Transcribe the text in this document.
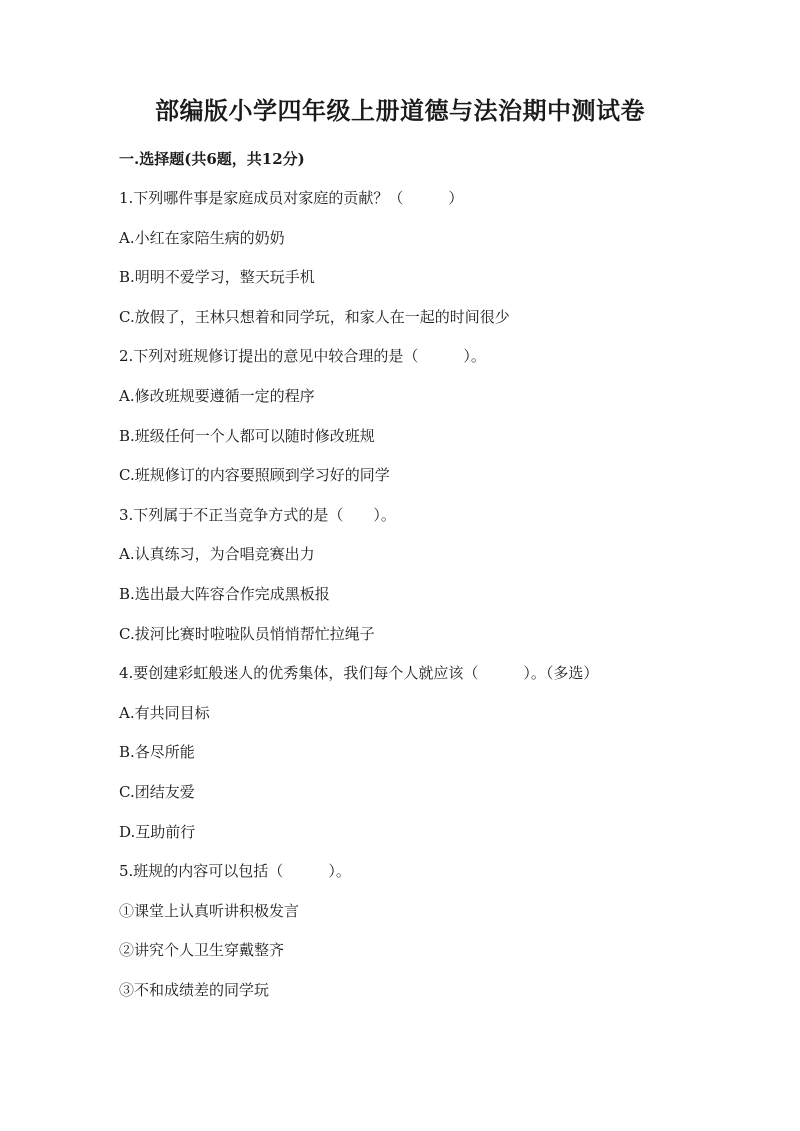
部编版小学四年级上册道德与法治期中测试卷
一.选择题(共6题，共12分)
1.下列哪件事是家庭成员对家庭的贡献？（　　　）
A.小红在家陪生病的奶奶
B.明明不爱学习，整天玩手机
C.放假了，王林只想着和同学玩，和家人在一起的时间很少
2.下列对班规修订提出的意见中较合理的是（　　　）。
A.修改班规要遵循一定的程序
B.班级任何一个人都可以随时修改班规
C.班规修订的内容要照顾到学习好的同学
3.下列属于不正当竞争方式的是（　　）。
A.认真练习，为合唱竞赛出力
B.选出最大阵容合作完成黑板报
C.拔河比赛时啦啦队员悄悄帮忙拉绳子
4.要创建彩虹般迷人的优秀集体，我们每个人就应该（　　　）。（多选）
A.有共同目标
B.各尽所能
C.团结友爱
D.互助前行
5.班规的内容可以包括（　　　）。
①课堂上认真听讲积极发言
②讲究个人卫生穿戴整齐
③不和成绩差的同学玩
